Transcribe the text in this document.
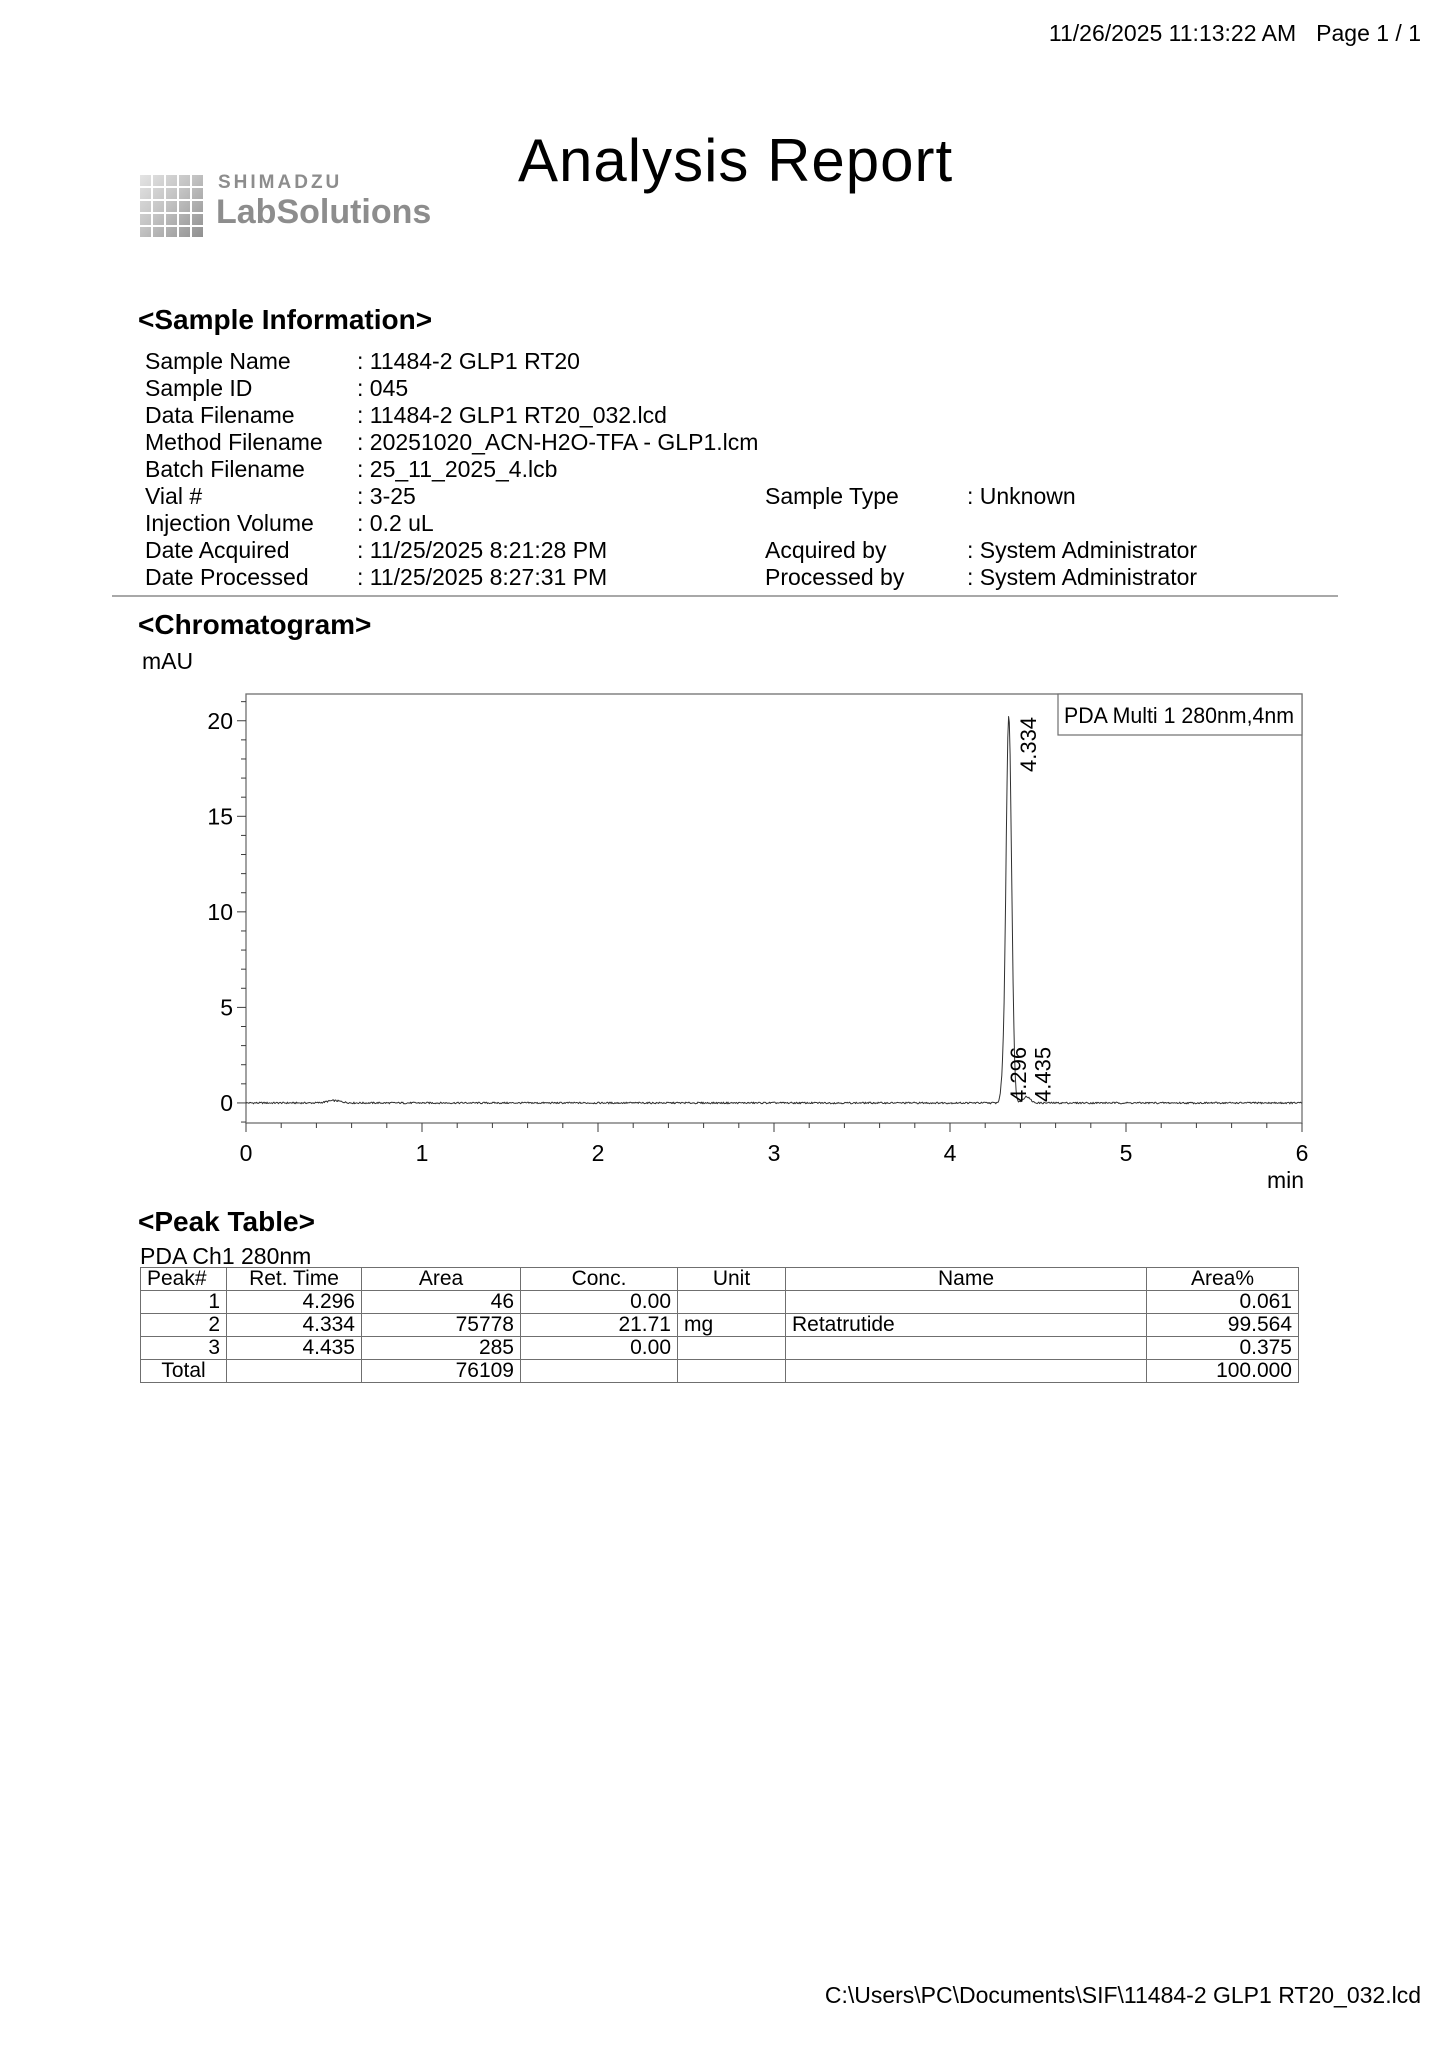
11/26/2025 11:13:22 AM Page 1 / 1
SHIMADZU
LabSolutions
Analysis Report
<Sample Information>
Sample Name	: 11484-2 GLP1 RT20
Sample ID	: 045
Data Filename	: 11484-2 GLP1 RT20_032.lcd
Method Filename : 20251020_ACN-H2O-TFA - GLP1.lcm
Batch Filename	: 25_11_2025_4.lcb
Vial #	: 3-25
Injection Volume : 0.2 uL
Date Acquired	: 11/25/2025 8:21:28 PM
Date Processed	: 11/25/2025 8:27:31 PM
Sample Type	: Unknown
Acquired by	: System Administrator
Processed by	: System Administrator
<Chromatogram>
mAU
0
5
10
15
20
0	1	2	3	4	5	6
min
PDA Multi 1 280nm,4nm
4.296
4.334
4.435
<Peak Table>
PDA Ch1 280nm
Peak#	Ret. Time	Area	Conc.	Unit	Name	Area%
1	4.296	46	0.00			0.061
2	4.334	75778	21.71	mg	Retatrutide	99.564
3	4.435	285	0.00			0.375
Total		76109				100.000
C:\Users\PC\Documents\SIF\11484-2 GLP1 RT20_032.lcd
